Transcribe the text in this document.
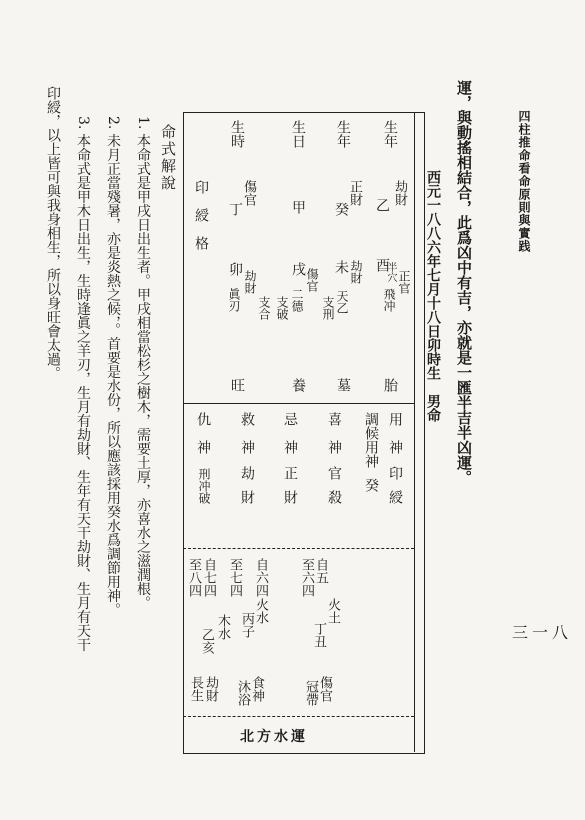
四柱推命看命原則與實践
三一八
運，與動搖相結合，此爲凶中有吉，亦就是一匯半吉半凶運。
西元一八八六年七月十八日卯時生　男命
生年
劫財
乙
酉
正官
飛冲
半穴
胎
生年
正財
癸
未 劫財
天乙
支刑
墓
生日
甲
戌 傷官
二德
支破
養
生時
傷官
丁
卯
劫財
眞刃 支合
旺
印綬格
用神
印綬
調候用神
癸
喜神
官殺
忌神
正財
救神
劫財
仇神
刑冲破
自五
至六四
火土
丁丑
傷官
冠帶
自六四
至七四
火水
丙子
食神
沐浴
自七四
至八四
木水
乙亥
劫財
長生
北方水運
命式解說
1. 本命式是甲戌日出生者。甲戌相當松杉之樹木，需要土厚，亦喜水之滋潤根。
2. 未月正當殘暑，亦是炎熱之候，。首要是水份，所以應該採用癸水爲調節用神。
3. 本命式是甲木日出生，生時逢眞之羊刃，生月有劫財、生年有天干劫財、生月有天干
印綬，以上皆可與我身相生，所以身旺會太過。
